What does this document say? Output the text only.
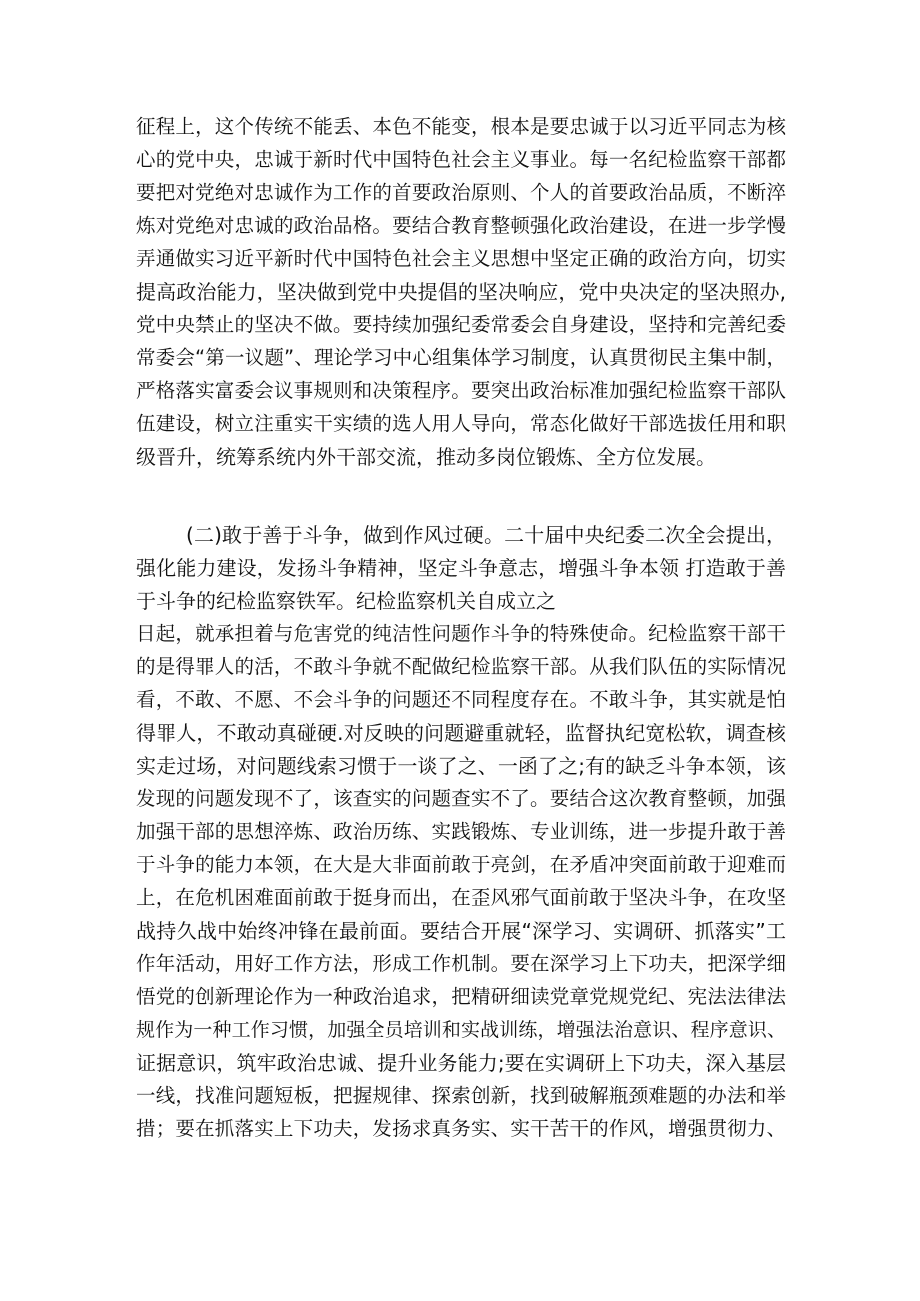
征程上，这个传统不能丢、本色不能变，根本是要忠诚于以习近平同志为核
心的党中央，忠诚于新时代中国特色社会主义事业。每一名纪检监察干部都
要把对党绝对忠诚作为工作的首要政治原则、个人的首要政治品质，不断淬
炼对党绝对忠诚的政治品格。要结合教育整顿强化政治建设，在进一步学慢
弄通做实习近平新时代中国特色社会主义思想中坚定正确的政治方向，切实
提高政治能力，坚决做到党中央提倡的坚决响应，党中央决定的坚决照办,
党中央禁止的坚决不做。要持续加强纪委常委会自身建设，坚持和完善纪委
常委会“第一议题”、理论学习中心组集体学习制度，认真贯彻民主集中制，
严格落实富委会议事规则和决策程序。要突出政治标准加强纪检监察干部队
伍建设，树立注重实干实绩的选人用人导向，常态化做好干部选拔任用和职
级晋升，统筹系统内外干部交流，推动多岗位锻炼、全方位发展。
(二)敢于善于斗争，做到作风过硬。二十届中央纪委二次全会提出，
强化能力建设，发扬斗争精神，坚定斗争意志，增强斗争本领 打造敢于善
于斗争的纪检监察铁军。纪检监察机关自成立之
日起，就承担着与危害党的纯洁性问题作斗争的特殊使命。纪检监察干部干
的是得罪人的活，不敢斗争就不配做纪检监察干部。从我们队伍的实际情况
看，不敢、不愿、不会斗争的问题还不同程度存在。不敢斗争，其实就是怕
得罪人，不敢动真碰硬.对反映的问题避重就轻，监督执纪宽松软，调查核
实走过场，对问题线索习惯于一谈了之、一函了之;有的缺乏斗争本领，该
发现的问题发现不了，该查实的问题查实不了。要结合这次教育整顿，加强
加强干部的思想淬炼、政治历练、实践锻炼、专业训练，进一步提升敢于善
于斗争的能力本领，在大是大非面前敢于亮剑，在矛盾冲突面前敢于迎难而
上，在危机困难面前敢于挺身而出，在歪风邪气面前敢于坚决斗争，在攻坚
战持久战中始终冲锋在最前面。要结合开展“深学习、实调研、抓落实”工
作年活动，用好工作方法，形成工作机制。要在深学习上下功夫，把深学细
悟党的创新理论作为一种政治追求，把精研细读党章党规党纪、宪法法律法
规作为一种工作习惯，加强全员培训和实战训练，增强法治意识、程序意识、
证据意识，筑牢政治忠诚、提升业务能力;要在实调研上下功夫，深入基层
一线，找准问题短板，把握规律、探索创新，找到破解瓶颈难题的办法和举
措；要在抓落实上下功夫，发扬求真务实、实干苦干的作风，增强贯彻力、
